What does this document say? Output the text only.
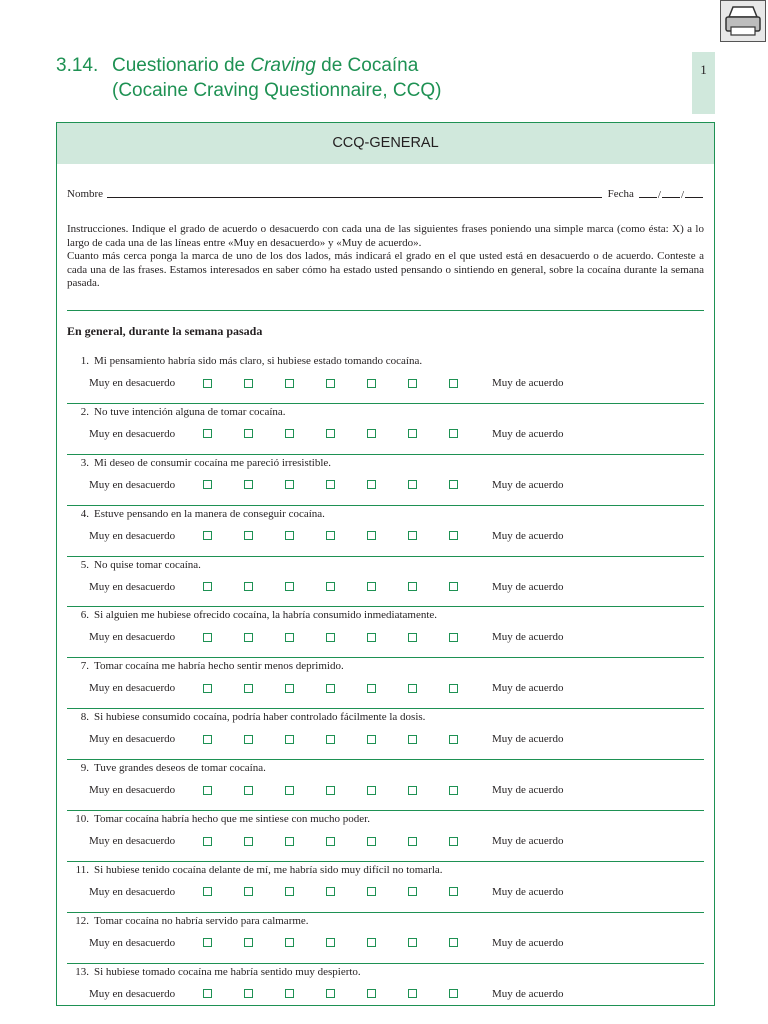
1
3.14. Cuestionario de Craving de Cocaína
(Cocaine Craving Questionnaire, CCQ)
CCQ-GENERAL
Nombre	Fecha	/ /
Instrucciones. Indique el grado de acuerdo o desacuerdo con cada una de las siguientes frases poniendo una simple marca (como ésta: X) a lo largo de cada una de las líneas entre «Muy en desacuerdo» y «Muy de acuerdo».
Cuanto más cerca ponga la marca de uno de los dos lados, más indicará el grado en el que usted está en desacuerdo o de acuerdo. Conteste a cada una de las frases. Estamos interesados en saber cómo ha estado usted pensando o sintiendo en general, sobre la cocaína durante la semana pasada.
En general, durante la semana pasada
1. Mi pensamiento habría sido más claro, si hubiese estado tomando cocaína.
Muy en desacuerdo	Muy de acuerdo
2. No tuve intención alguna de tomar cocaína.
Muy en desacuerdo	Muy de acuerdo
3. Mi deseo de consumir cocaína me pareció irresistible.
Muy en desacuerdo	Muy de acuerdo
4. Estuve pensando en la manera de conseguir cocaína.
Muy en desacuerdo	Muy de acuerdo
5. No quise tomar cocaína.
Muy en desacuerdo	Muy de acuerdo
6. Si alguien me hubiese ofrecido cocaína, la habría consumido inmediatamente.
Muy en desacuerdo	Muy de acuerdo
7. Tomar cocaína me habría hecho sentir menos deprimido.
Muy en desacuerdo	Muy de acuerdo
8. Si hubiese consumido cocaína, podría haber controlado fácilmente la dosis.
Muy en desacuerdo	Muy de acuerdo
9. Tuve grandes deseos de tomar cocaína.
Muy en desacuerdo	Muy de acuerdo
10. Tomar cocaína habría hecho que me sintiese con mucho poder.
Muy en desacuerdo	Muy de acuerdo
11. Si hubiese tenido cocaína delante de mí, me habría sido muy difícil no tomarla.
Muy en desacuerdo	Muy de acuerdo
12. Tomar cocaína no habría servido para calmarme.
Muy en desacuerdo	Muy de acuerdo
13. Si hubiese tomado cocaína me habría sentido muy despierto.
Muy en desacuerdo	Muy de acuerdo
